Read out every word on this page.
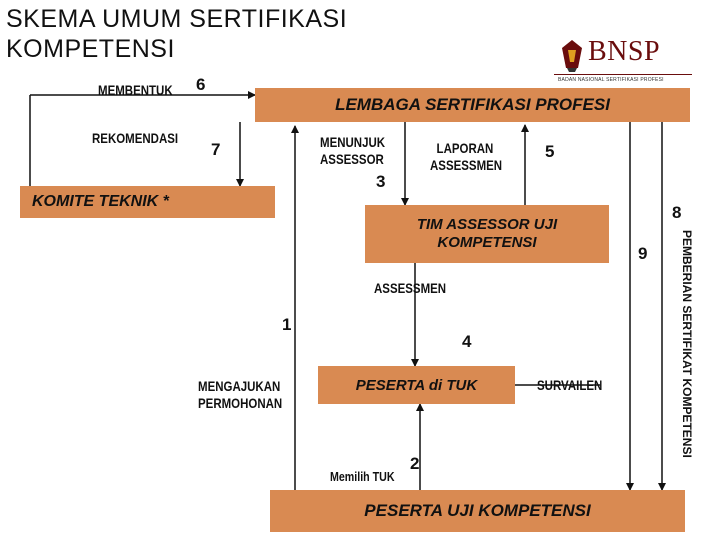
SKEMA UMUM SERTIFIKASI
KOMPETENSI	BNSP
BADAN NASIONAL SERTIFIKASI PROFESI
LEMBAGA SERTIFIKASI PROFESI
KOMITE TEKNIK *
TIM ASSESSOR UJI
KOMPETENSI
PESERTA di TUK
PESERTA UJI KOMPETENSI
MEMBENTUK 6
REKOMENDASI
7	MENUNJUK
ASSESSOR
3
LAPORAN
ASSESSMEN
5
8
9
ASSESSMEN
1
4
MENGAJUKAN
PERMOHONAN
SURVAILEN
2
Memilih TUK
PEMBERIAN SERTIFIKAT KOMPETENSI
